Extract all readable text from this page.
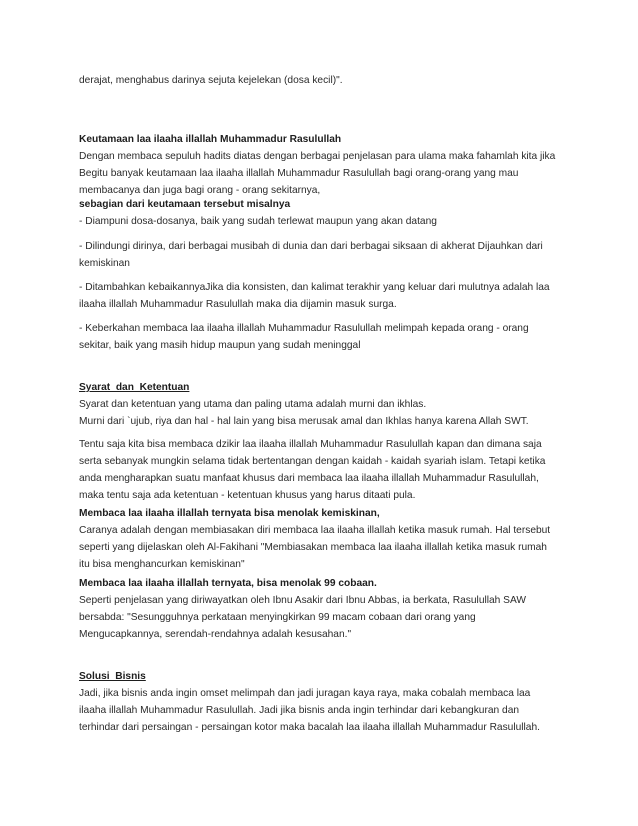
derajat, menghabus darinya sejuta kejelekan (dosa kecil)".

Keutamaan laa ilaaha illallah Muhammadur Rasulullah
Dengan membaca sepuluh hadits diatas dengan berbagai penjelasan para ulama maka fahamlah kita jika
Begitu banyak keutamaan laa ilaaha illallah Muhammadur Rasulullah bagi orang-orang yang mau
membacanya dan juga bagi orang - orang sekitarnya,
sebagian dari keutamaan tersebut misalnya
- Diampuni dosa-dosanya, baik yang sudah terlewat maupun yang akan datang
- Dilindungi dirinya, dari berbagai musibah di dunia dan dari berbagai siksaan di akherat Dijauhkan dari
kemiskinan
- Ditambahkan kebaikannyaJika dia konsisten, dan kalimat terakhir yang keluar dari mulutnya adalah laa
ilaaha illallah Muhammadur Rasulullah maka dia dijamin masuk surga.
- Keberkahan membaca laa ilaaha illallah Muhammadur Rasulullah melimpah kepada orang - orang
sekitar, baik yang masih hidup maupun yang sudah meninggal
Syarat_dan_Ketentuan
Syarat dan ketentuan yang utama dan paling utama adalah murni dan ikhlas.
Murni dari `ujub, riya dan hal - hal lain yang bisa merusak amal dan Ikhlas hanya karena Allah SWT.
Tentu saja kita bisa membaca dzikir laa ilaaha illallah Muhammadur Rasulullah kapan dan dimana saja
serta sebanyak mungkin selama tidak bertentangan dengan kaidah - kaidah syariah islam. Tetapi ketika
anda mengharapkan suatu manfaat khusus dari membaca laa ilaaha illallah Muhammadur Rasulullah,
maka tentu saja ada ketentuan - ketentuan khusus yang harus ditaati pula.
Membaca laa ilaaha illallah ternyata bisa menolak kemiskinan,
Caranya adalah dengan membiasakan diri membaca laa ilaaha illallah ketika masuk rumah. Hal tersebut
seperti yang dijelaskan oleh Al-Fakihani "Membiasakan membaca laa ilaaha illallah ketika masuk rumah
itu bisa menghancurkan kemiskinan"
Membaca laa ilaaha illallah ternyata, bisa menolak 99 cobaan.
Seperti penjelasan yang diriwayatkan oleh Ibnu Asakir dari Ibnu Abbas, ia berkata, Rasulullah SAW
bersabda: "Sesungguhnya perkataan menyingkirkan 99 macam cobaan dari orang yang
Mengucapkannya, serendah-rendahnya adalah kesusahan."
Solusi_Bisnis
Jadi, jika bisnis anda ingin omset melimpah dan jadi juragan kaya raya, maka cobalah membaca laa
ilaaha illallah Muhammadur Rasulullah. Jadi jika bisnis anda ingin terhindar dari kebangkuran dan
terhindar dari persaingan - persaingan kotor maka bacalah laa ilaaha illallah Muhammadur Rasulullah.
